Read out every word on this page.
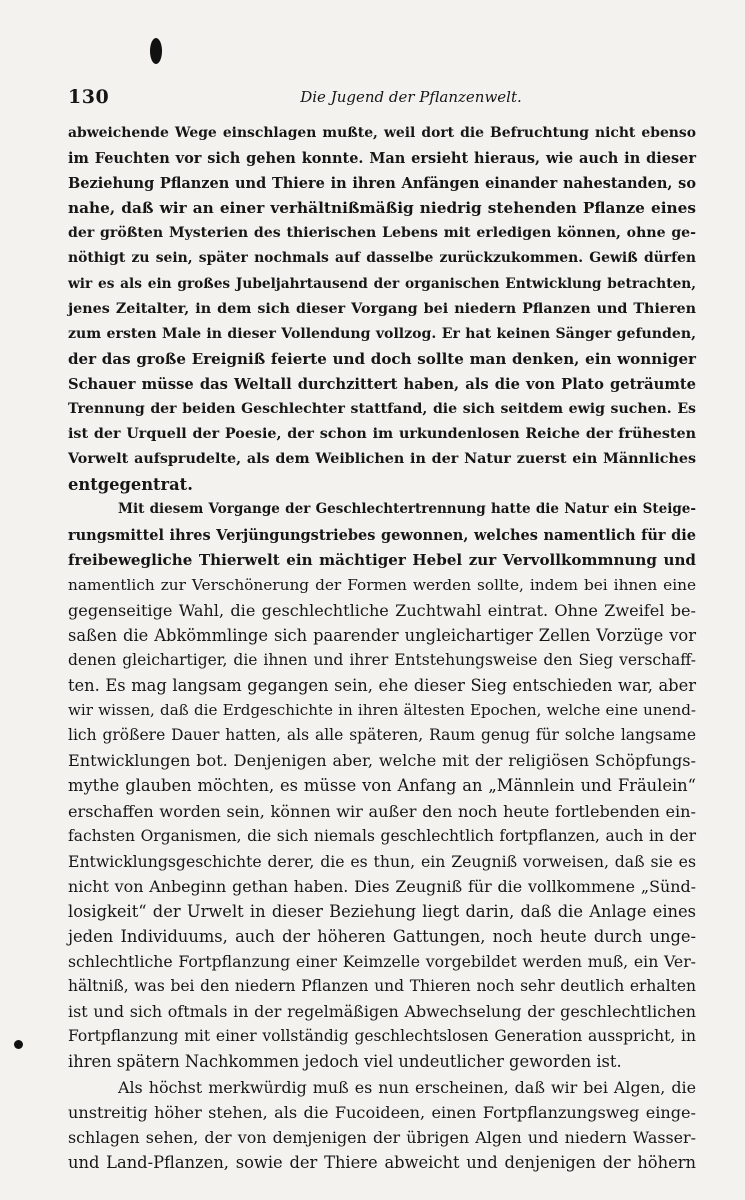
130	Die Jugend der Pflanzenwelt.
abweichende Wege einschlagen mußte, weil dort die Befruchtung nicht ebenso
im Feuchten vor sich gehen konnte. Man ersieht hieraus, wie auch in dieser
Beziehung Pflanzen und Thiere in ihren Anfängen einander nahestanden, so
nahe, daß wir an einer verhältnißmäßig niedrig stehenden Pflanze eines
der größten Mysterien des thierischen Lebens mit erledigen können, ohne ge-
nöthigt zu sein, später nochmals auf dasselbe zurückzukommen. Gewiß dürfen
wir es als ein großes Jubeljahrtausend der organischen Entwicklung betrachten,
jenes Zeitalter, in dem sich dieser Vorgang bei niedern Pflanzen und Thieren
zum ersten Male in dieser Vollendung vollzog. Er hat keinen Sänger gefunden,
der das große Ereigniß feierte und doch sollte man denken, ein wonniger
Schauer müsse das Weltall durchzittert haben, als die von Plato geträumte
Trennung der beiden Geschlechter stattfand, die sich seitdem ewig suchen. Es
ist der Urquell der Poesie, der schon im urkundenlosen Reiche der frühesten
Vorwelt aufsprudelte, als dem Weiblichen in der Natur zuerst ein Männliches
entgegentrat.
Mit diesem Vorgange der Geschlechtertrennung hatte die Natur ein Steige-
rungsmittel ihres Verjüngungstriebes gewonnen, welches namentlich für die
freibewegliche Thierwelt ein mächtiger Hebel zur Vervollkommnung und
namentlich zur Verschönerung der Formen werden sollte, indem bei ihnen eine
gegenseitige Wahl, die geschlechtliche Zuchtwahl eintrat. Ohne Zweifel be-
saßen die Abkömmlinge sich paarender ungleichartiger Zellen Vorzüge vor
denen gleichartiger, die ihnen und ihrer Entstehungsweise den Sieg verschaff-
ten. Es mag langsam gegangen sein, ehe dieser Sieg entschieden war, aber
wir wissen, daß die Erdgeschichte in ihren ältesten Epochen, welche eine unend-
lich größere Dauer hatten, als alle späteren, Raum genug für solche langsame
Entwicklungen bot. Denjenigen aber, welche mit der religiösen Schöpfungs-
mythe glauben möchten, es müsse von Anfang an „Männlein und Fräulein“
erschaffen worden sein, können wir außer den noch heute fortlebenden ein-
fachsten Organismen, die sich niemals geschlechtlich fortpflanzen, auch in der
Entwicklungsgeschichte derer, die es thun, ein Zeugniß vorweisen, daß sie es
nicht von Anbeginn gethan haben. Dies Zeugniß für die vollkommene „Sünd-
losigkeit“ der Urwelt in dieser Beziehung liegt darin, daß die Anlage eines
jeden Individuums, auch der höheren Gattungen, noch heute durch unge-
schlechtliche Fortpflanzung einer Keimzelle vorgebildet werden muß, ein Ver-
hältniß, was bei den niedern Pflanzen und Thieren noch sehr deutlich erhalten
ist und sich oftmals in der regelmäßigen Abwechselung der geschlechtlichen
Fortpflanzung mit einer vollständig geschlechtslosen Generation ausspricht, in
ihren spätern Nachkommen jedoch viel undeutlicher geworden ist.
Als höchst merkwürdig muß es nun erscheinen, daß wir bei Algen, die
unstreitig höher stehen, als die Fucoideen, einen Fortpflanzungsweg einge-
schlagen sehen, der von demjenigen der übrigen Algen und niedern Wasser-
und Land-Pflanzen, sowie der Thiere abweicht und denjenigen der höhern
